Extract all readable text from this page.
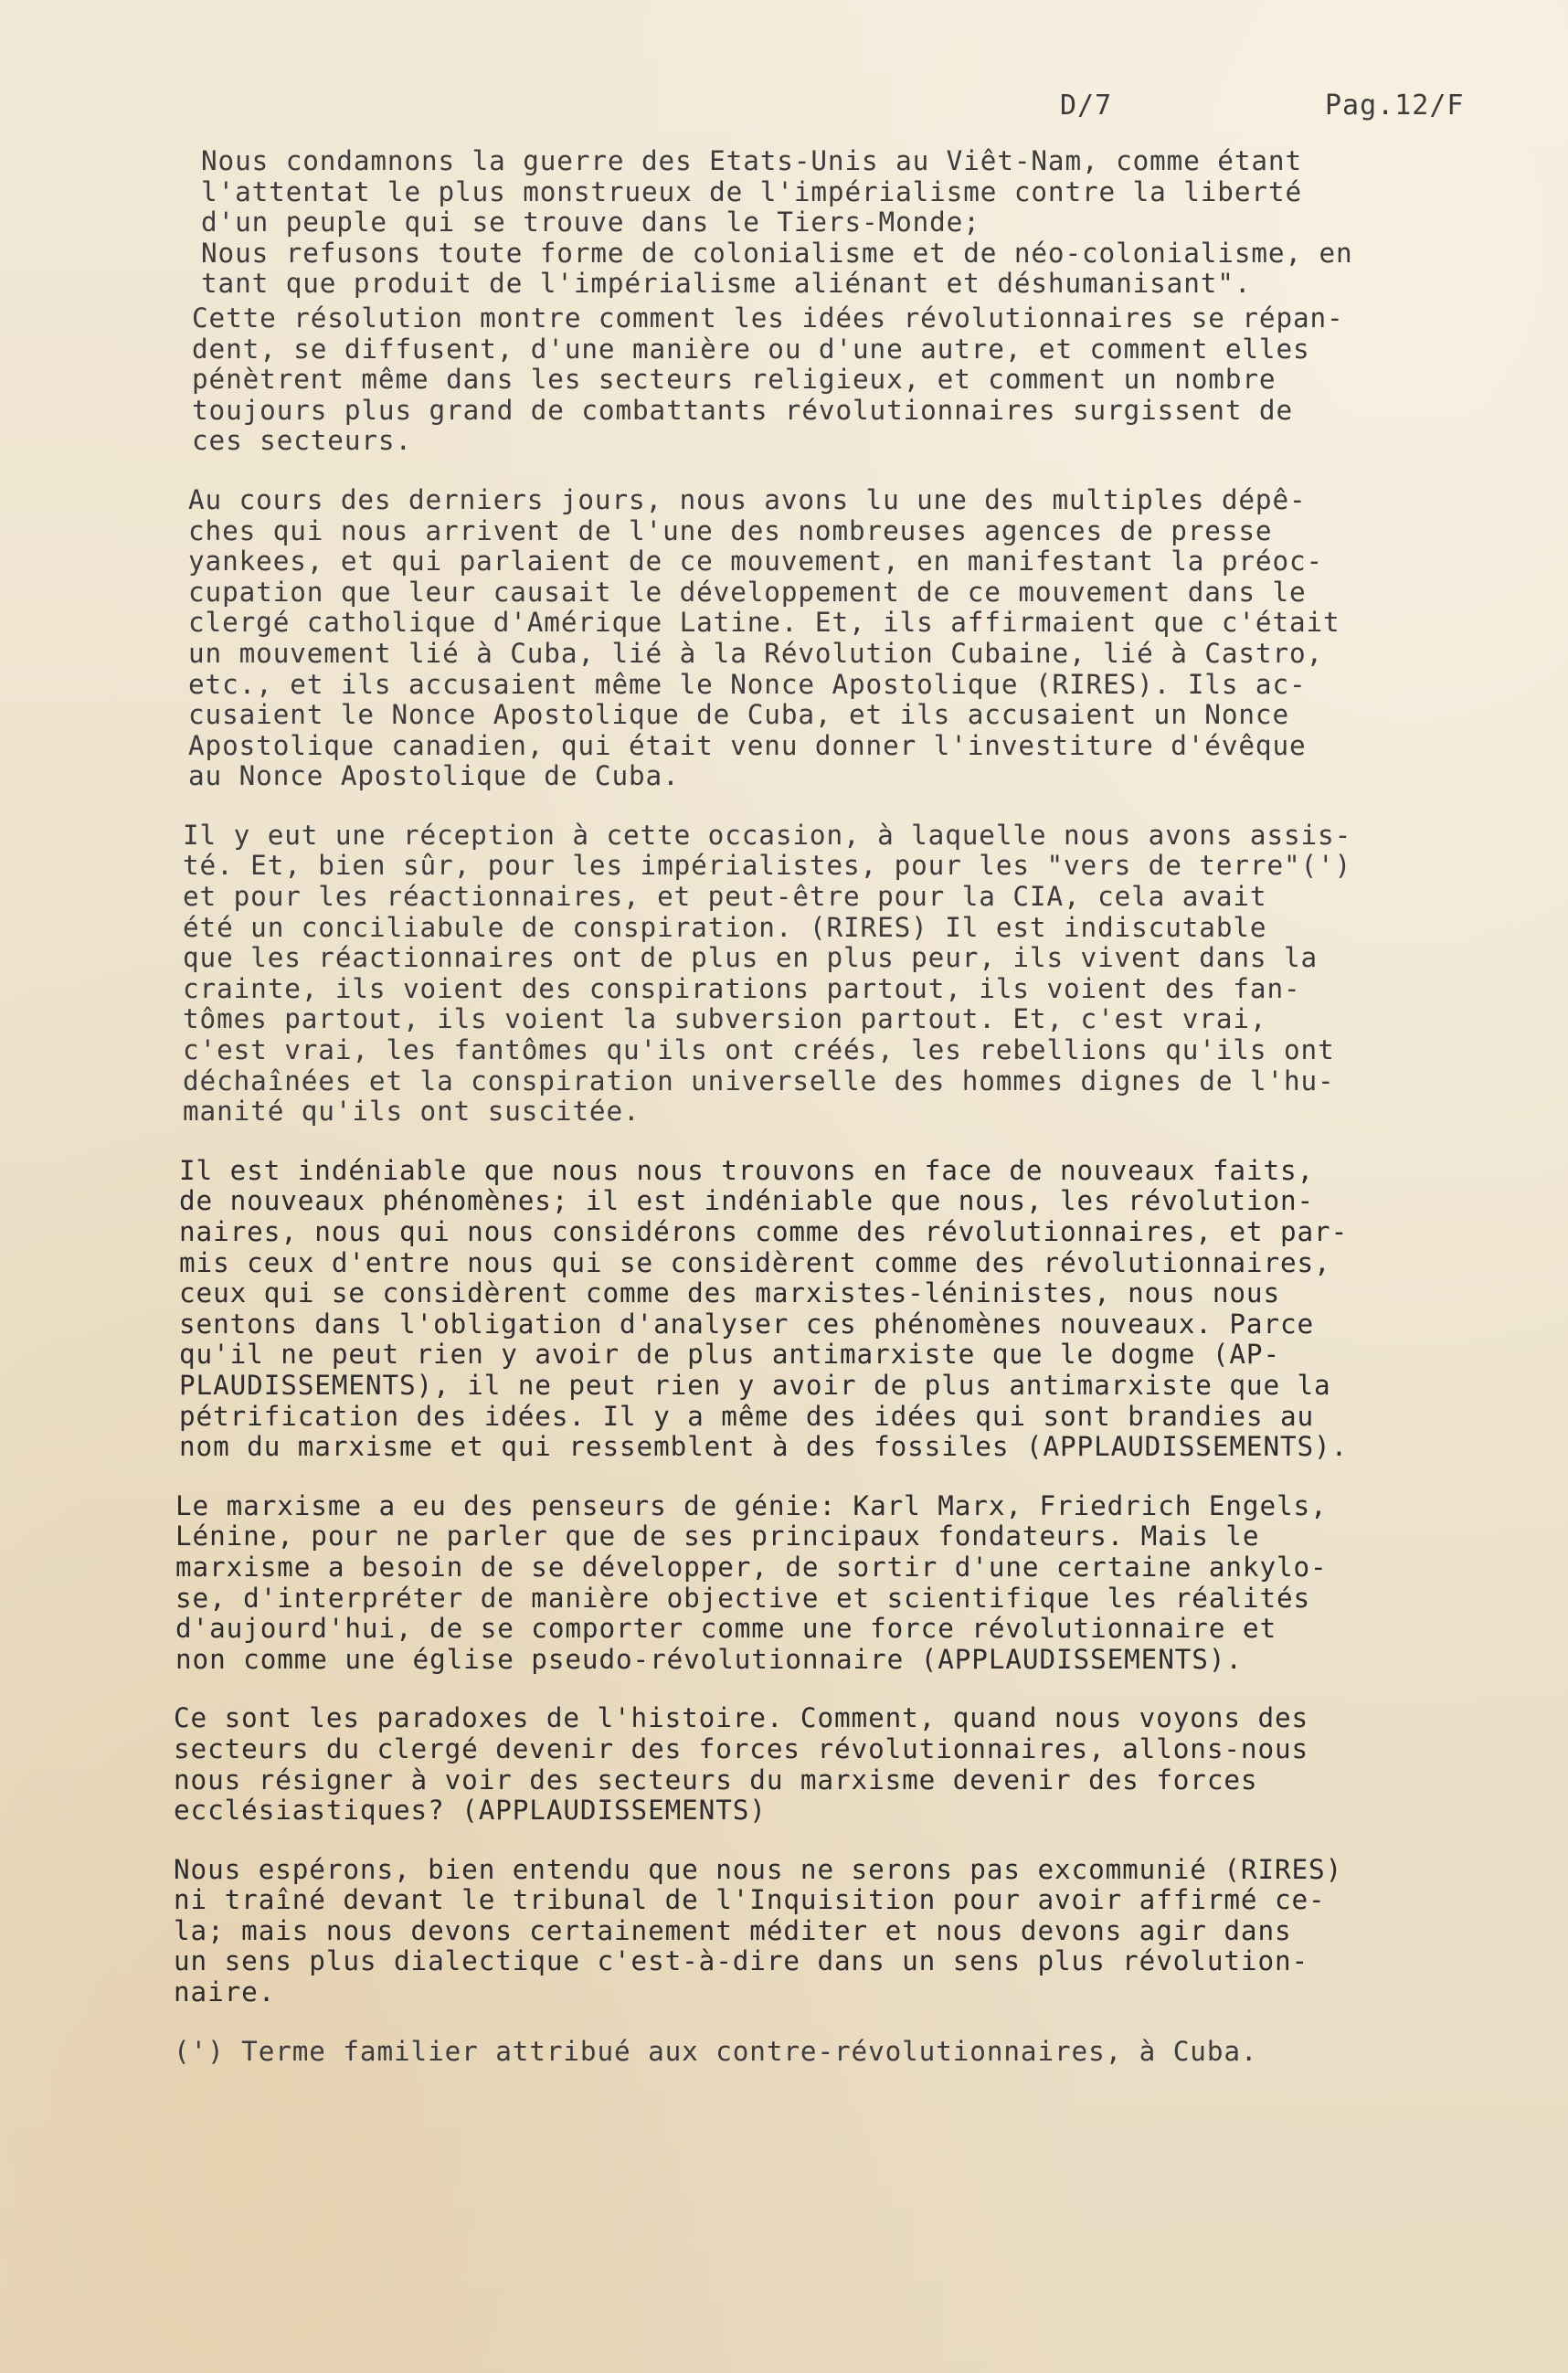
D/7	Pag.12/F

Nous condamnons la guerre des Etats-Unis au Viêt-Nam, comme étant
l'attentat le plus monstrueux de l'impérialisme contre la liberté
d'un peuple qui se trouve dans le Tiers-Monde;
Nous refusons toute forme de colonialisme et de néo-colonialisme, en
tant que produit de l'impérialisme aliénant et déshumanisant".

Cette résolution montre comment les idées révolutionnaires se répan-
dent, se diffusent, d'une manière ou d'une autre, et comment elles
pénètrent même dans les secteurs religieux, et comment un nombre
toujours plus grand de combattants révolutionnaires surgissent de
ces secteurs.

Au cours des derniers jours, nous avons lu une des multiples dépê-
ches qui nous arrivent de l'une des nombreuses agences de presse
yankees, et qui parlaient de ce mouvement, en manifestant la préoc-
cupation que leur causait le développement de ce mouvement dans le
clergé catholique d'Amérique Latine. Et, ils affirmaient que c'était
un mouvement lié à Cuba, lié à la Révolution Cubaine, lié à Castro,
etc., et ils accusaient même le Nonce Apostolique (RIRES). Ils ac-
cusaient le Nonce Apostolique de Cuba, et ils accusaient un Nonce
Apostolique canadien, qui était venu donner l'investiture d'évêque
au Nonce Apostolique de Cuba.

Il y eut une réception à cette occasion, à laquelle nous avons assis-
té. Et, bien sûr, pour les impérialistes, pour les "vers de terre"(')
et pour les réactionnaires, et peut-être pour la CIA, cela avait
été un conciliabule de conspiration. (RIRES) Il est indiscutable
que les réactionnaires ont de plus en plus peur, ils vivent dans la
crainte, ils voient des conspirations partout, ils voient des fan-
tômes partout, ils voient la subversion partout. Et, c'est vrai,
c'est vrai, les fantômes qu'ils ont créés, les rebellions qu'ils ont
déchaînées et la conspiration universelle des hommes dignes de l'hu-
manité qu'ils ont suscitée.

Il est indéniable que nous nous trouvons en face de nouveaux faits,
de nouveaux phénomènes; il est indéniable que nous, les révolution-
naires, nous qui nous considérons comme des révolutionnaires, et par-
mis ceux d'entre nous qui se considèrent comme des révolutionnaires,
ceux qui se considèrent comme des marxistes-léninistes, nous nous
sentons dans l'obligation d'analyser ces phénomènes nouveaux. Parce
qu'il ne peut rien y avoir de plus antimarxiste que le dogme (AP-
PLAUDISSEMENTS), il ne peut rien y avoir de plus antimarxiste que la
pétrification des idées. Il y a même des idées qui sont brandies au
nom du marxisme et qui ressemblent à des fossiles (APPLAUDISSEMENTS).

Le marxisme a eu des penseurs de génie: Karl Marx, Friedrich Engels,
Lénine, pour ne parler que de ses principaux fondateurs. Mais le
marxisme a besoin de se développer, de sortir d'une certaine ankylo-
se, d'interpréter de manière objective et scientifique les réalités
d'aujourd'hui, de se comporter comme une force révolutionnaire et
non comme une église pseudo-révolutionnaire (APPLAUDISSEMENTS).

Ce sont les paradoxes de l'histoire. Comment, quand nous voyons des
secteurs du clergé devenir des forces révolutionnaires, allons-nous
nous résigner à voir des secteurs du marxisme devenir des forces
ecclésiastiques? (APPLAUDISSEMENTS)

Nous espérons, bien entendu que nous ne serons pas excommunié (RIRES)
ni traîné devant le tribunal de l'Inquisition pour avoir affirmé ce-
la; mais nous devons certainement méditer et nous devons agir dans
un sens plus dialectique c'est-à-dire dans un sens plus révolution-
naire.

(') Terme familier attribué aux contre-révolutionnaires, à Cuba.
